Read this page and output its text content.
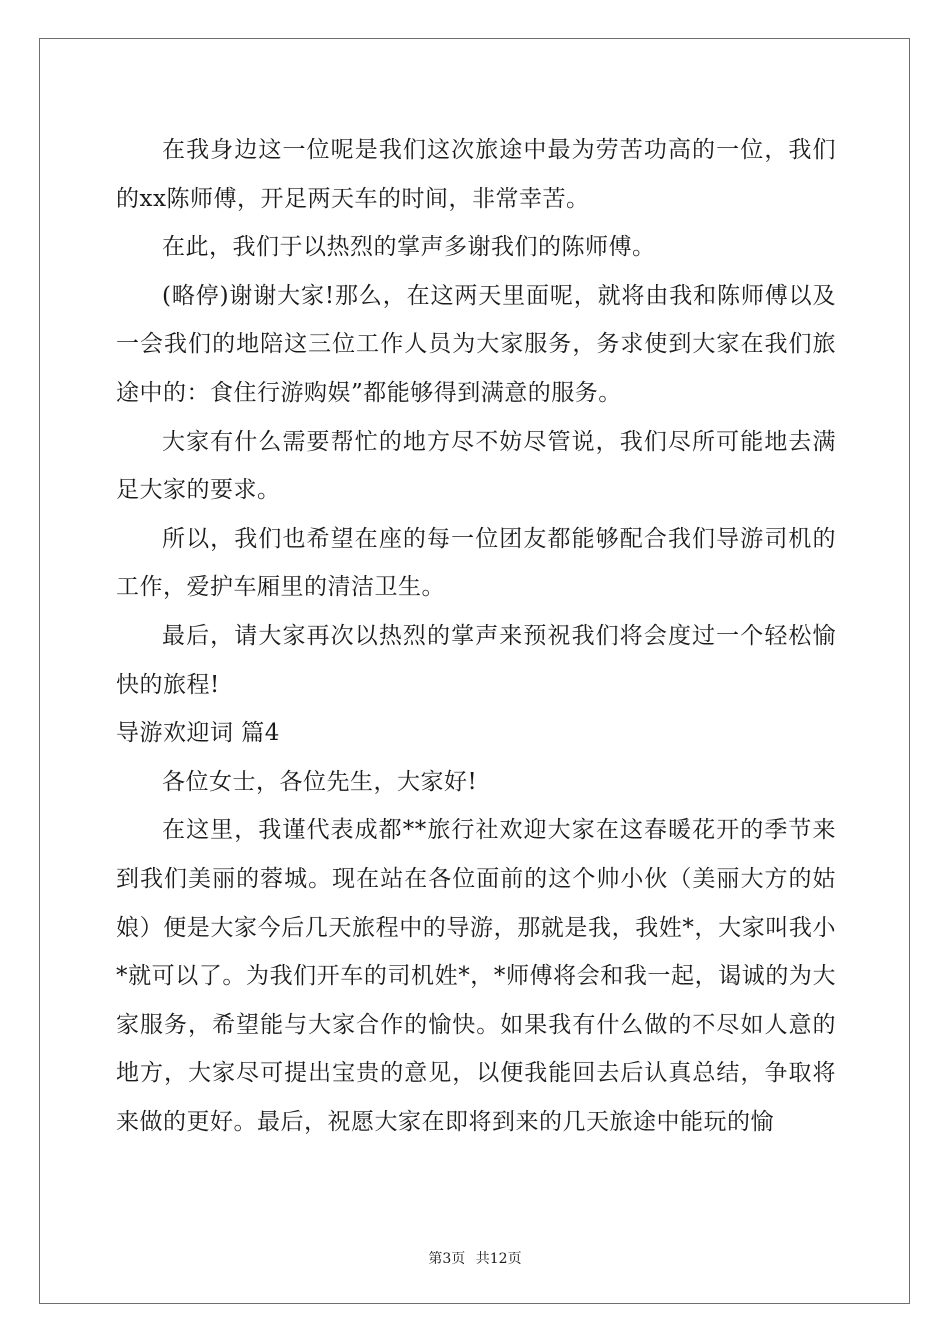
在我身边这一位呢是我们这次旅途中最为劳苦功高的一位，我们的xx陈师傅，开足两天车的时间，非常幸苦。

在此，我们于以热烈的掌声多谢我们的陈师傅。

(略停)谢谢大家!那么，在这两天里面呢，就将由我和陈师傅以及一会我们的地陪这三位工作人员为大家服务，务求使到大家在我们旅途中的：食住行游购娱”都能够得到满意的服务。

大家有什么需要帮忙的地方尽不妨尽管说，我们尽所可能地去满足大家的要求。

所以，我们也希望在座的每一位团友都能够配合我们导游司机的工作，爱护车厢里的清洁卫生。

最后，请大家再次以热烈的掌声来预祝我们将会度过一个轻松愉快的旅程!

导游欢迎词 篇4

各位女士，各位先生，大家好!

在这里，我谨代表成都**旅行社欢迎大家在这春暖花开的季节来到我们美丽的蓉城。现在站在各位面前的这个帅小伙（美丽大方的姑娘）便是大家今后几天旅程中的导游，那就是我，我姓*，大家叫我小*就可以了。为我们开车的司机姓*，*师傅将会和我一起，谒诚的为大家服务，希望能与大家合作的愉快。如果我有什么做的不尽如人意的地方，大家尽可提出宝贵的意见，以便我能回去后认真总结，争取将来做的更好。最后，祝愿大家在即将到来的几天旅途中能玩的愉

第3页 共12页
